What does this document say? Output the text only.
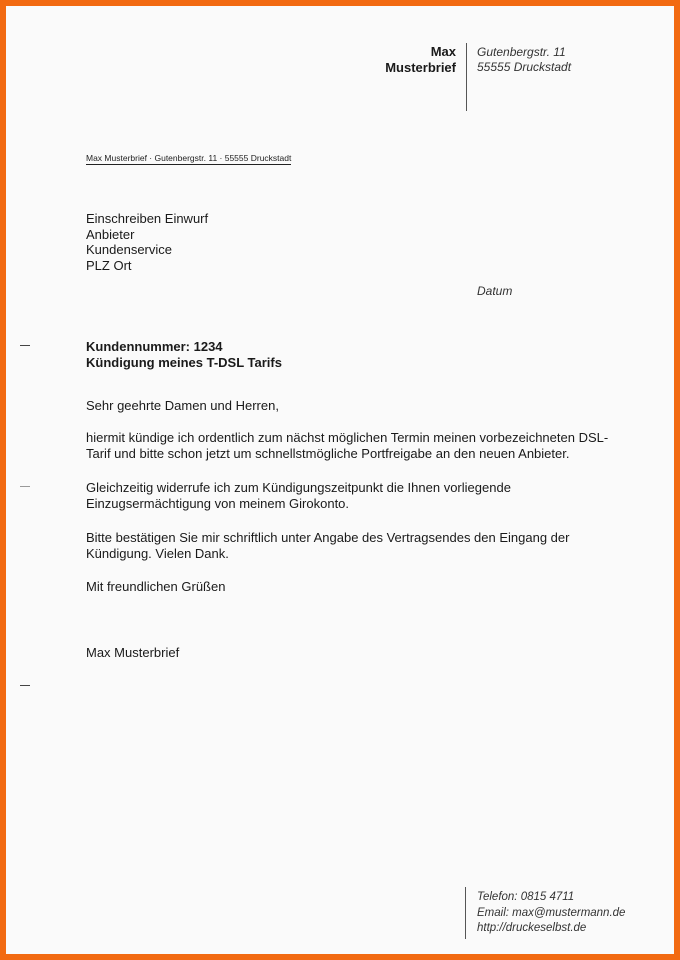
Max
Musterbrief
Gutenbergstr. 11
55555 Druckstadt
Max Musterbrief · Gutenbergstr. 11 · 55555 Druckstadt
Einschreiben Einwurf
Anbieter
Kundenservice
PLZ Ort
Datum
Kundennummer: 1234
Kündigung meines T-DSL Tarifs
Sehr geehrte Damen und Herren,
hiermit kündige ich ordentlich zum nächst möglichen Termin meinen vorbezeichneten DSL-
Tarif und bitte schon jetzt um schnellstmögliche Portfreigabe an den neuen Anbieter.
Gleichzeitig widerrufe ich zum Kündigungszeitpunkt die Ihnen vorliegende
Einzugsermächtigung von meinem Girokonto.
Bitte bestätigen Sie mir schriftlich unter Angabe des Vertragsendes den Eingang der
Kündigung. Vielen Dank.
Mit freundlichen Grüßen
Max Musterbrief
Telefon: 0815 4711
Email: max@mustermann.de
http://druckeselbst.de
